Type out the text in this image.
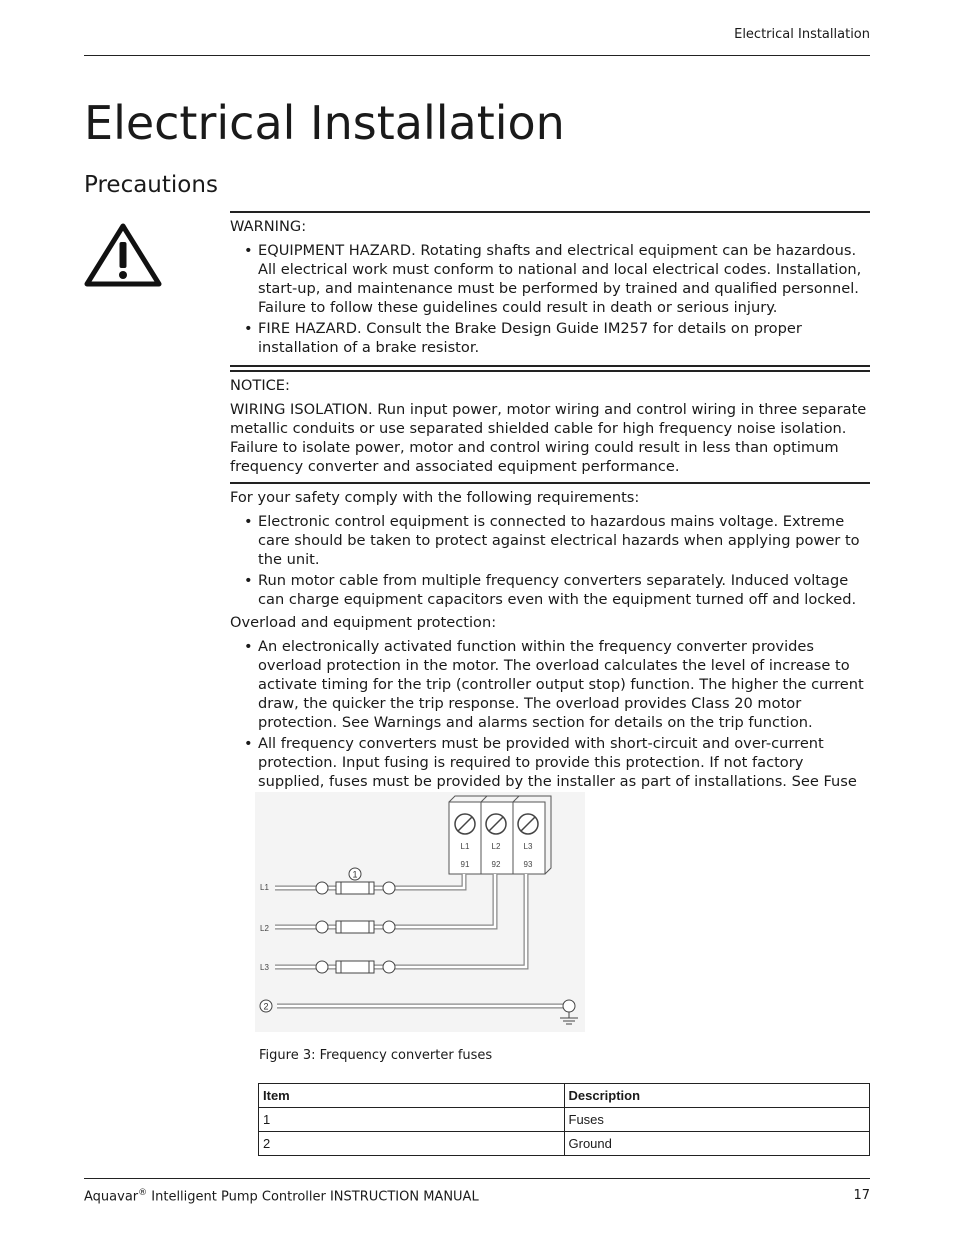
Electrical Installation
Electrical Installation
Precautions

WARNING:

• EQUIPMENT HAZARD. Rotating shafts and electrical equipment can be hazardous. All electrical work must conform to national and local electrical codes. Installation, start-up, and maintenance must be performed by trained and qualified personnel. Failure to follow these guidelines could result in death or serious injury.
• FIRE HAZARD. Consult the Brake Design Guide IM257 for details on proper installation of a brake resistor.

NOTICE:

WIRING ISOLATION. Run input power, motor wiring and control wiring in three separate metallic conduits or use separated shielded cable for high frequency noise isolation. Failure to isolate power, motor and control wiring could result in less than optimum frequency converter and associated equipment performance.

For your safety comply with the following requirements:

• Electronic control equipment is connected to hazardous mains voltage. Extreme care should be taken to protect against electrical hazards when applying power to the unit.
• Run motor cable from multiple frequency converters separately. Induced voltage can charge equipment capacitors even with the equipment turned off and locked.

Overload and equipment protection:

• An electronically activated function within the frequency converter provides overload protection in the motor. The overload calculates the level of increase to activate timing for the trip (controller output stop) function. The higher the current draw, the quicker the trip response. The overload provides Class 20 motor protection. See Warnings and alarms section for details on the trip function.
• All frequency converters must be provided with short-circuit and over-current protection. Input fusing is required to provide this protection. If not factory supplied, fuses must be provided by the installer as part of installations. See Fuse
L1	L2	L3
91	92	93
L1
L2
L3
1
2
Figure 3: Frequency converter fuses
Item	Description
1	Fuses
2	Ground
Aquavar® Intelligent Pump Controller INSTRUCTION MANUAL	17
